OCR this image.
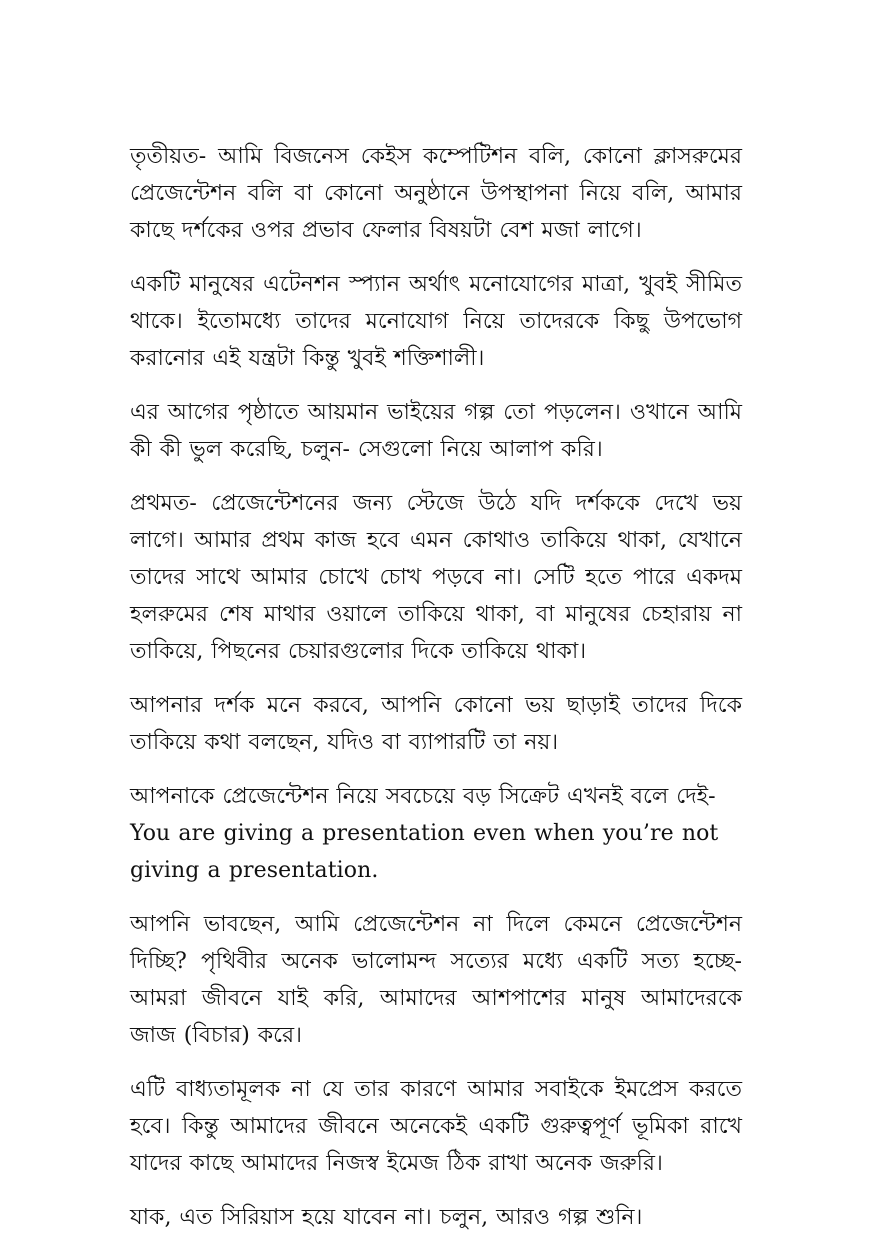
তৃতীয়ত- আমি বিজনেস কেইস কম্পেটিশন বলি, কোনো ক্লাসরুমের প্রেজেন্টেশন বলি বা কোনো অনুষ্ঠানে উপস্থাপনা নিয়ে বলি, আমার কাছে দর্শকের ওপর প্রভাব ফেলার বিষয়টা বেশ মজা লাগে।

একটি মানুষের এটেনশন স্প্যান অর্থাৎ মনোযোগের মাত্রা, খুবই সীমিত থাকে। ইতোমধ্যে তাদের মনোযোগ নিয়ে তাদেরকে কিছু উপভোগ করানোর এই যন্ত্রটা কিন্তু খুবই শক্তিশালী।

এর আগের পৃষ্ঠাতে আয়মান ভাইয়ের গল্প তো পড়লেন। ওখানে আমি কী কী ভুল করেছি, চলুন- সেগুলো নিয়ে আলাপ করি।

প্রথমত- প্রেজেন্টেশনের জন্য স্টেজে উঠে যদি দর্শককে দেখে ভয় লাগে। আমার প্রথম কাজ হবে এমন কোথাও তাকিয়ে থাকা, যেখানে তাদের সাথে আমার চোখে চোখ পড়বে না। সেটি হতে পারে একদম হলরুমের শেষ মাথার ওয়ালে তাকিয়ে থাকা, বা মানুষের চেহারায় না তাকিয়ে, পিছনের চেয়ারগুলোর দিকে তাকিয়ে থাকা।

আপনার দর্শক মনে করবে, আপনি কোনো ভয় ছাড়াই তাদের দিকে তাকিয়ে কথা বলছেন, যদিও বা ব্যাপারটি তা নয়।

আপনাকে প্রেজেন্টেশন নিয়ে সবচেয়ে বড় সিক্রেট এখনই বলে দেই-
You are giving a presentation even when you’re not giving a presentation.

আপনি ভাবছেন, আমি প্রেজেন্টেশন না দিলে কেমনে প্রেজেন্টেশন দিচ্ছি? পৃথিবীর অনেক ভালোমন্দ সত্যের মধ্যে একটি সত্য হচ্ছে- আমরা জীবনে যাই করি, আমাদের আশপাশের মানুষ আমাদেরকে জাজ (বিচার) করে।

এটি বাধ্যতামূলক না যে তার কারণে আমার সবাইকে ইমপ্রেস করতে হবে। কিন্তু আমাদের জীবনে অনেকেই একটি গুরুত্বপূর্ণ ভূমিকা রাখে যাদের কাছে আমাদের নিজস্ব ইমেজ ঠিক রাখা অনেক জরুরি।

যাক, এত সিরিয়াস হয়ে যাবেন না। চলুন, আরও গল্প শুনি।
